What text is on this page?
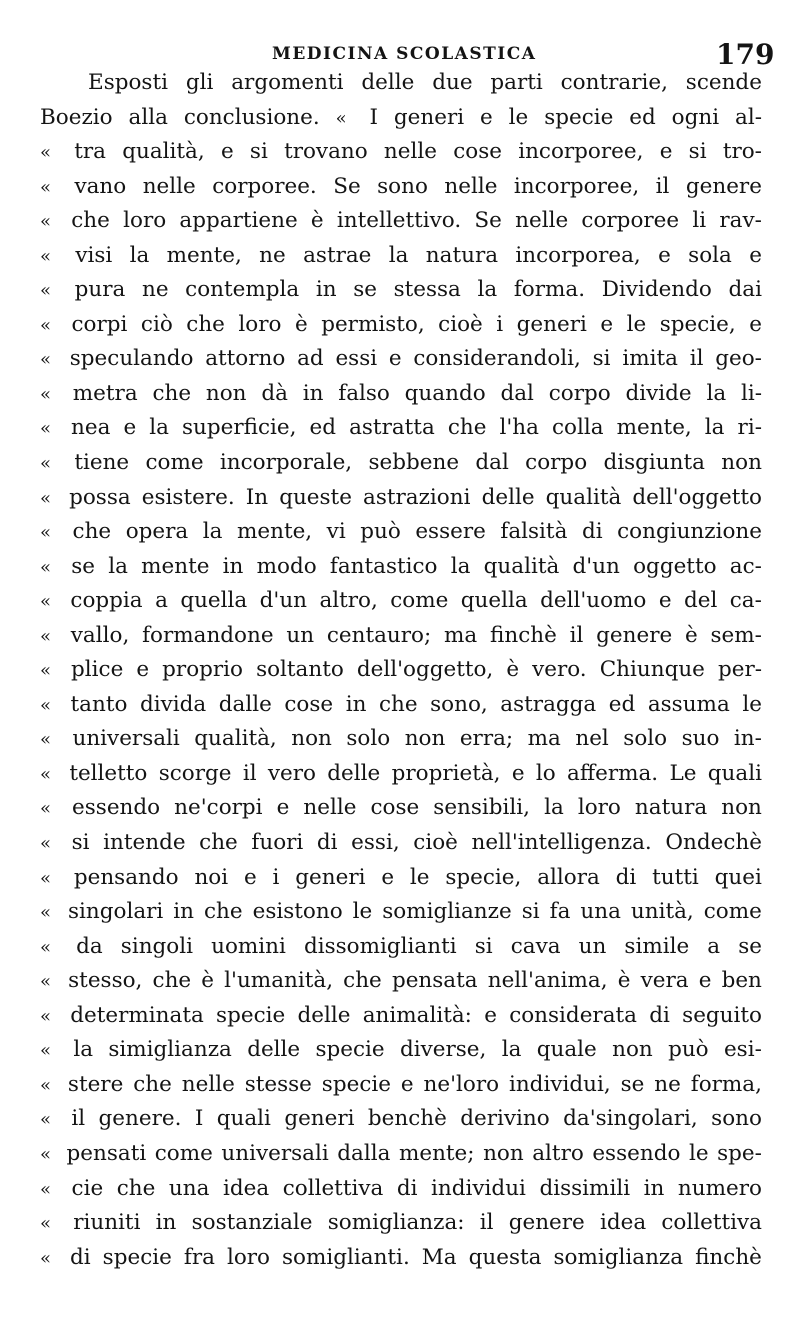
MEDICINA SCOLASTICA	179
Esposti gli argomenti delle due parti contrarie, scende
Boezio alla conclusione. «	I generi e le specie ed ogni al-
«	tra qualità, e si trovano nelle cose incorporee, e si tro-
«	vano nelle corporee. Se sono nelle incorporee, il genere
« che loro appartiene è intellettivo. Se nelle corporee li rav-
«	visi la mente, ne astrae la natura incorporea, e sola e
«	pura ne contempla in se stessa la forma. Dividendo dai
« corpi ciò che loro è permisto, cioè i generi e le specie, e
« speculando attorno ad essi e considerandoli, si imita il geo-
«	metra che non dà in falso quando dal corpo divide la li-
« nea e la superficie, ed astratta che l'ha colla mente, la ri-
«	tiene come incorporale, sebbene dal corpo disgiunta non
« possa esistere. In queste astrazioni delle qualità dell'oggetto
«	che opera la mente, vi può essere falsità di congiunzione
« se la mente in modo fantastico la qualità d'un oggetto ac-
« coppia a quella d'un altro, come quella dell'uomo e del ca-
« vallo, formandone un centauro; ma finchè il genere è sem-
« plice e proprio soltanto dell'oggetto, è vero. Chiunque per-
« tanto divida dalle cose in che sono, astragga ed assuma le
« universali qualità, non solo non erra; ma nel solo suo in-
« telletto scorge il vero delle proprietà, e lo afferma. Le quali
« essendo ne'corpi e nelle cose sensibili, la loro natura non
« si intende che fuori di essi, cioè nell'intelligenza. Ondechè
«	pensando noi e i generi e le specie, allora di tutti quei
« singolari in che esistono le somiglianze si fa una unità, come
«	da singoli uomini dissomiglianti si cava un simile a se
« stesso, che è l'umanità, che pensata nell'anima, è vera e ben
« determinata specie delle animalità: e considerata di seguito
«	la simiglianza delle specie diverse, la quale non può esi-
« stere che nelle stesse specie e ne'loro individui, se ne forma,
« il genere. I quali generi benchè derivino da'singolari, sono
« pensati come universali dalla mente; non altro essendo le spe-
« cie che una idea collettiva di individui dissimili in numero
«	riuniti in sostanziale somiglianza: il genere idea collettiva
« di specie fra loro somiglianti. Ma questa somiglianza finchè
